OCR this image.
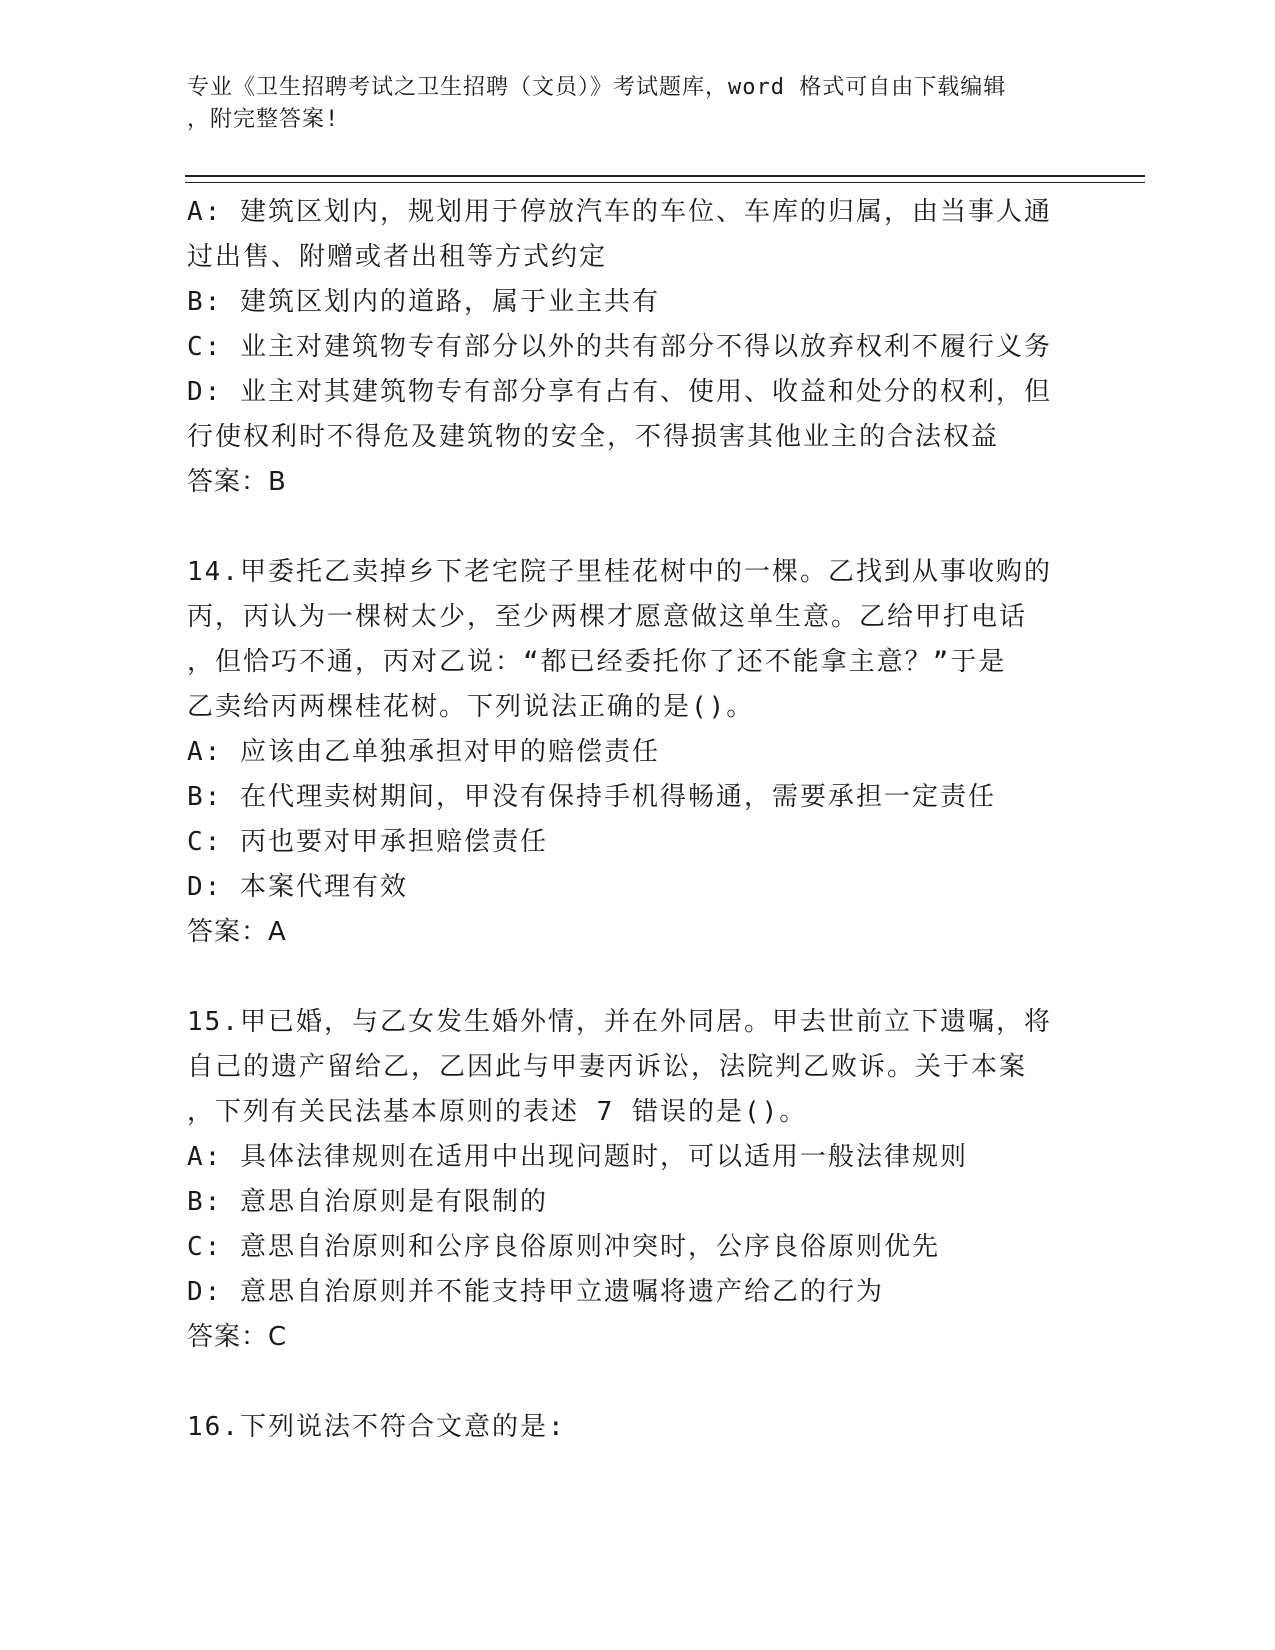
专业《卫生招聘考试之卫生招聘（文员）》考试题库，word 格式可自由下载编辑
，附完整答案!
A: 建筑区划内，规划用于停放汽车的车位、车库的归属，由当事人通
过出售、附赠或者出租等方式约定
B: 建筑区划内的道路，属于业主共有
C: 业主对建筑物专有部分以外的共有部分不得以放弃权利不履行义务
D: 业主对其建筑物专有部分享有占有、使用、收益和处分的权利，但
行使权利时不得危及建筑物的安全，不得损害其他业主的合法权益
答案：B
14.甲委托乙卖掉乡下老宅院子里桂花树中的一棵。乙找到从事收购的
丙，丙认为一棵树太少，至少两棵才愿意做这单生意。乙给甲打电话
，但恰巧不通，丙对乙说：“都已经委托你了还不能拿主意？”于是
乙卖给丙两棵桂花树。下列说法正确的是()。
A: 应该由乙单独承担对甲的赔偿责任
B: 在代理卖树期间，甲没有保持手机得畅通，需要承担一定责任
C: 丙也要对甲承担赔偿责任
D: 本案代理有效
答案：A
15.甲已婚，与乙女发生婚外情，并在外同居。甲去世前立下遗嘱，将
自己的遗产留给乙，乙因此与甲妻丙诉讼，法院判乙败诉。关于本案
，下列有关民法基本原则的表述 7 错误的是()。
A: 具体法律规则在适用中出现问题时，可以适用一般法律规则
B: 意思自治原则是有限制的
C: 意思自治原则和公序良俗原则冲突时，公序良俗原则优先
D: 意思自治原则并不能支持甲立遗嘱将遗产给乙的行为
答案：C
16.下列说法不符合文意的是:
